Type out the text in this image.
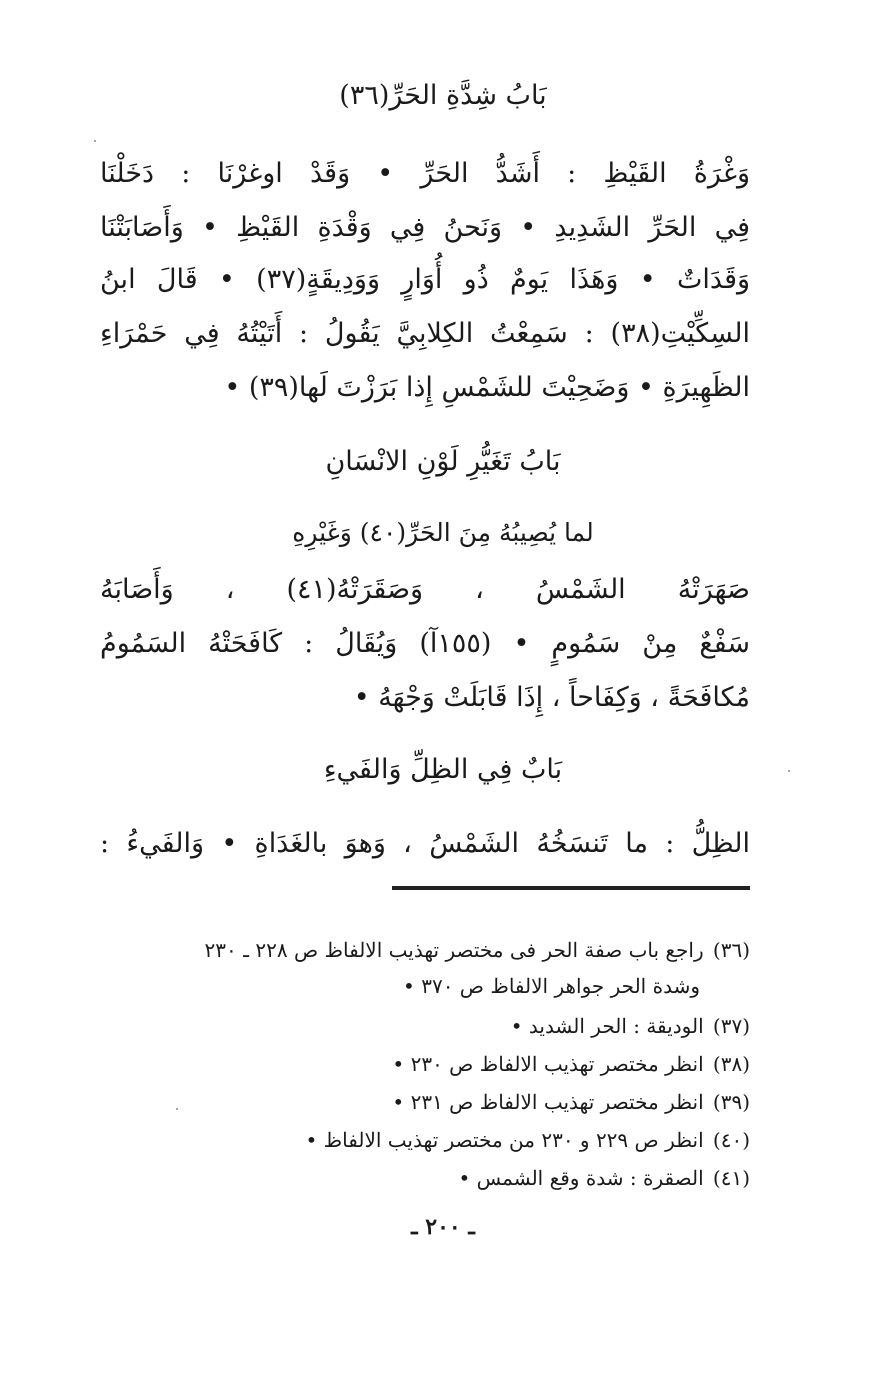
بَابُ شِدَّةِ الحَرِّ(٣٦)
وَغْرَةُ القَيْظِ : أَشَدُّ الحَرِّ • وَقَدْ اوغرْنَا : دَخَلْنَا
فِي الحَرِّ الشَدِيدِ • وَنَحنُ فِي وَقْدَةِ القَيْظِ • وَأَصَابَتْنَا
وَقَدَاتٌ • وَهَذَا يَومٌ ذُو أُوَارٍ وَوَدِيقَةٍ(٣٧) • قَالَ ابنُ
السِكِّيْتِ(٣٨) : سَمِعْتُ الكِلابِيَّ يَقُولُ : أَتَيْتُهُ فِي حَمْرَاءِ
الظَهِيرَةِ • وَضَحِيْتَ للشَمْسِ إِذا بَرَزْتَ لَها(٣٩) •
بَابُ تَغَيُّرِ لَوْنِ الانْسَانِ
لما يُصِيبُهُ مِنَ الحَرِّ(٤٠) وَغَيْرِهِ
صَهَرَتْهُ الشَمْسُ ، وَصَقَرَتْهُ(٤١) ، وَأَصَابَهُ
سَفْعٌ مِنْ سَمُومٍ • (١٥٥آ) وَيُقَالُ : كَافَحَتْهُ السَمُومُ
مُكافَحَةً ، وَكِفَاحاً ، إِذَا قَابَلَتْ وَجْهَهُ •
بَابٌ فِي الظِلِّ وَالفَيءِ
الظِلُّ : ما تَنسَخُهُ الشَمْسُ ، وَهوَ بالغَدَاةِ • وَالفَيءُ :
(٣٦) راجع باب صفة الحر فى مختصر تهذيب الالفاظ ص ٢٢٨ ـ ٢٣٠
وشدة الحر جواهر الالفاظ ص ٣٧٠ •
(٣٧) الوديقة : الحر الشديد •
(٣٨) انظر مختصر تهذيب الالفاظ ص ٢٣٠ •
(٣٩) انظر مختصر تهذيب الالفاظ ص ٢٣١ •
(٤٠) انظر ص ٢٢٩ و ٢٣٠ من مختصر تهذيب الالفاظ •
(٤١) الصقرة : شدة وقع الشمس •
ـ ٢٠٠ ـ
